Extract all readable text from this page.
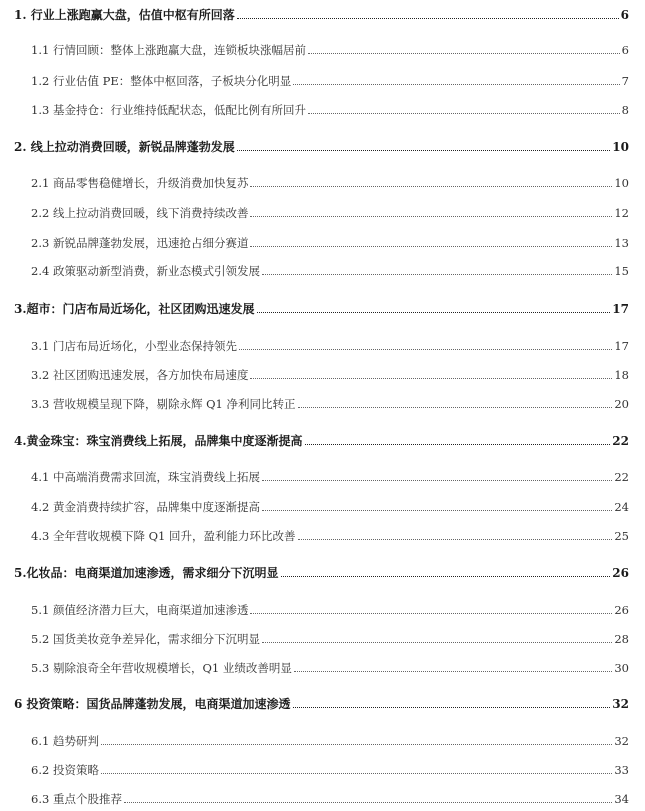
1. 行业上涨跑赢大盘，估值中枢有所回落	6
1.1 行情回顾：整体上涨跑赢大盘，连锁板块涨幅居前	6
1.2 行业估值 PE：整体中枢回落，子板块分化明显	7
1.3 基金持仓：行业维持低配状态，低配比例有所回升	8
2. 线上拉动消费回暖，新锐品牌蓬勃发展	10
2.1 商品零售稳健增长，升级消费加快复苏	10
2.2 线上拉动消费回暖，线下消费持续改善	12
2.3 新锐品牌蓬勃发展，迅速抢占细分赛道	13
2.4 政策驱动新型消费，新业态模式引领发展	15
3.超市：门店布局近场化，社区团购迅速发展	17
3.1 门店布局近场化，小型业态保持领先	17
3.2 社区团购迅速发展，各方加快布局速度	18
3.3 营收规模呈现下降，剔除永辉 Q1 净利同比转正	20
4.黄金珠宝：珠宝消费线上拓展，品牌集中度逐渐提高	22
4.1 中高端消费需求回流，珠宝消费线上拓展	22
4.2 黄金消费持续扩容，品牌集中度逐渐提高	24
4.3 全年营收规模下降 Q1 回升，盈利能力环比改善	25
5.化妆品：电商渠道加速渗透，需求细分下沉明显	26
5.1 颜值经济潜力巨大，电商渠道加速渗透	26
5.2 国货美妆竞争差异化，需求细分下沉明显	28
5.3 剔除浪奇全年营收规模增长，Q1 业绩改善明显	30
6 投资策略：国货品牌蓬勃发展，电商渠道加速渗透	32
6.1 趋势研判	32
6.2 投资策略	33
6.3 重点个股推荐	34
